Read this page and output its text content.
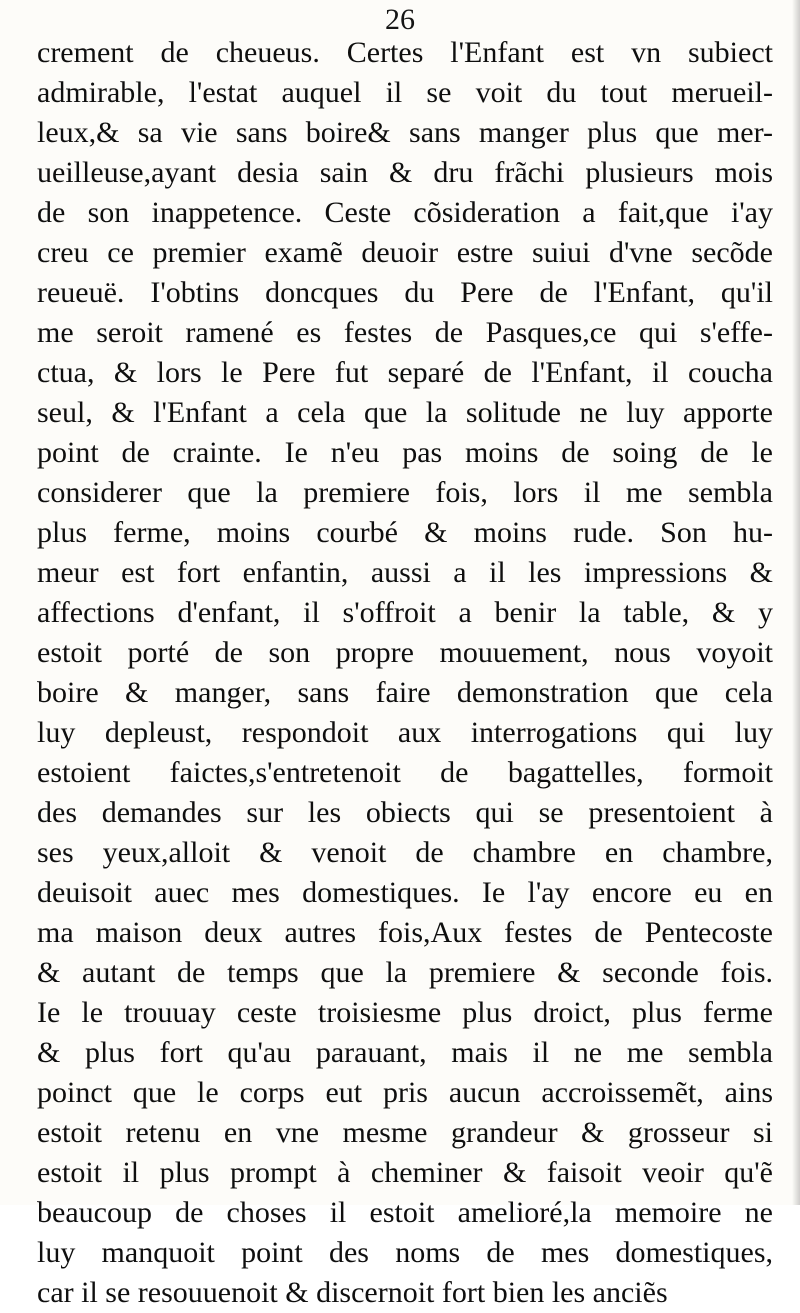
26
crement de cheueus. Certes l'Enfant est vn subiect
admirable, l'estat auquel il se voit du tout merueil-
leux,& sa vie sans boire& sans manger plus que mer-
ueilleuse,ayant desia sain & dru frãchi plusieurs mois
de son inappetence. Ceste cõsideration a fait,que i'ay
creu ce premier examẽ deuoir estre suiui d'vne secõde
reueuë. I'obtins doncques du Pere de l'Enfant, qu'il
me seroit ramené es festes de Pasques,ce qui s'effe-
ctua, & lors le Pere fut separé de l'Enfant, il coucha
seul, & l'Enfant a cela que la solitude ne luy apporte
point de crainte. Ie n'eu pas moins de soing de le
considerer que la premiere fois, lors il me sembla
plus ferme, moins courbé & moins rude. Son hu-
meur est fort enfantin, aussi a il les impressions &
affections d'enfant, il s'offroit a benir la table, & y
estoit porté de son propre mouuement, nous voyoit
boire & manger, sans faire demonstration que cela
luy depleust, respondoit aux interrogations qui luy
estoient faictes,s'entretenoit de bagattelles, formoit
des demandes sur les obiects qui se presentoient à
ses yeux,alloit & venoit de chambre en chambre,
deuisoit auec mes domestiques. Ie l'ay encore eu en
ma maison deux autres fois,Aux festes de Pentecoste
& autant de temps que la premiere & seconde fois.
Ie le trouuay ceste troisiesme plus droict, plus ferme
& plus fort qu'au parauant, mais il ne me sembla
poinct que le corps eut pris aucun accroissemẽt, ains
estoit retenu en vne mesme grandeur & grosseur si
estoit il plus prompt à cheminer & faisoit veoir qu'ẽ
beaucoup de choses il estoit amelioré,la memoire ne
luy manquoit point des noms de mes domestiques,
car il se resouuenoit & discernoit fort bien les anciẽs
